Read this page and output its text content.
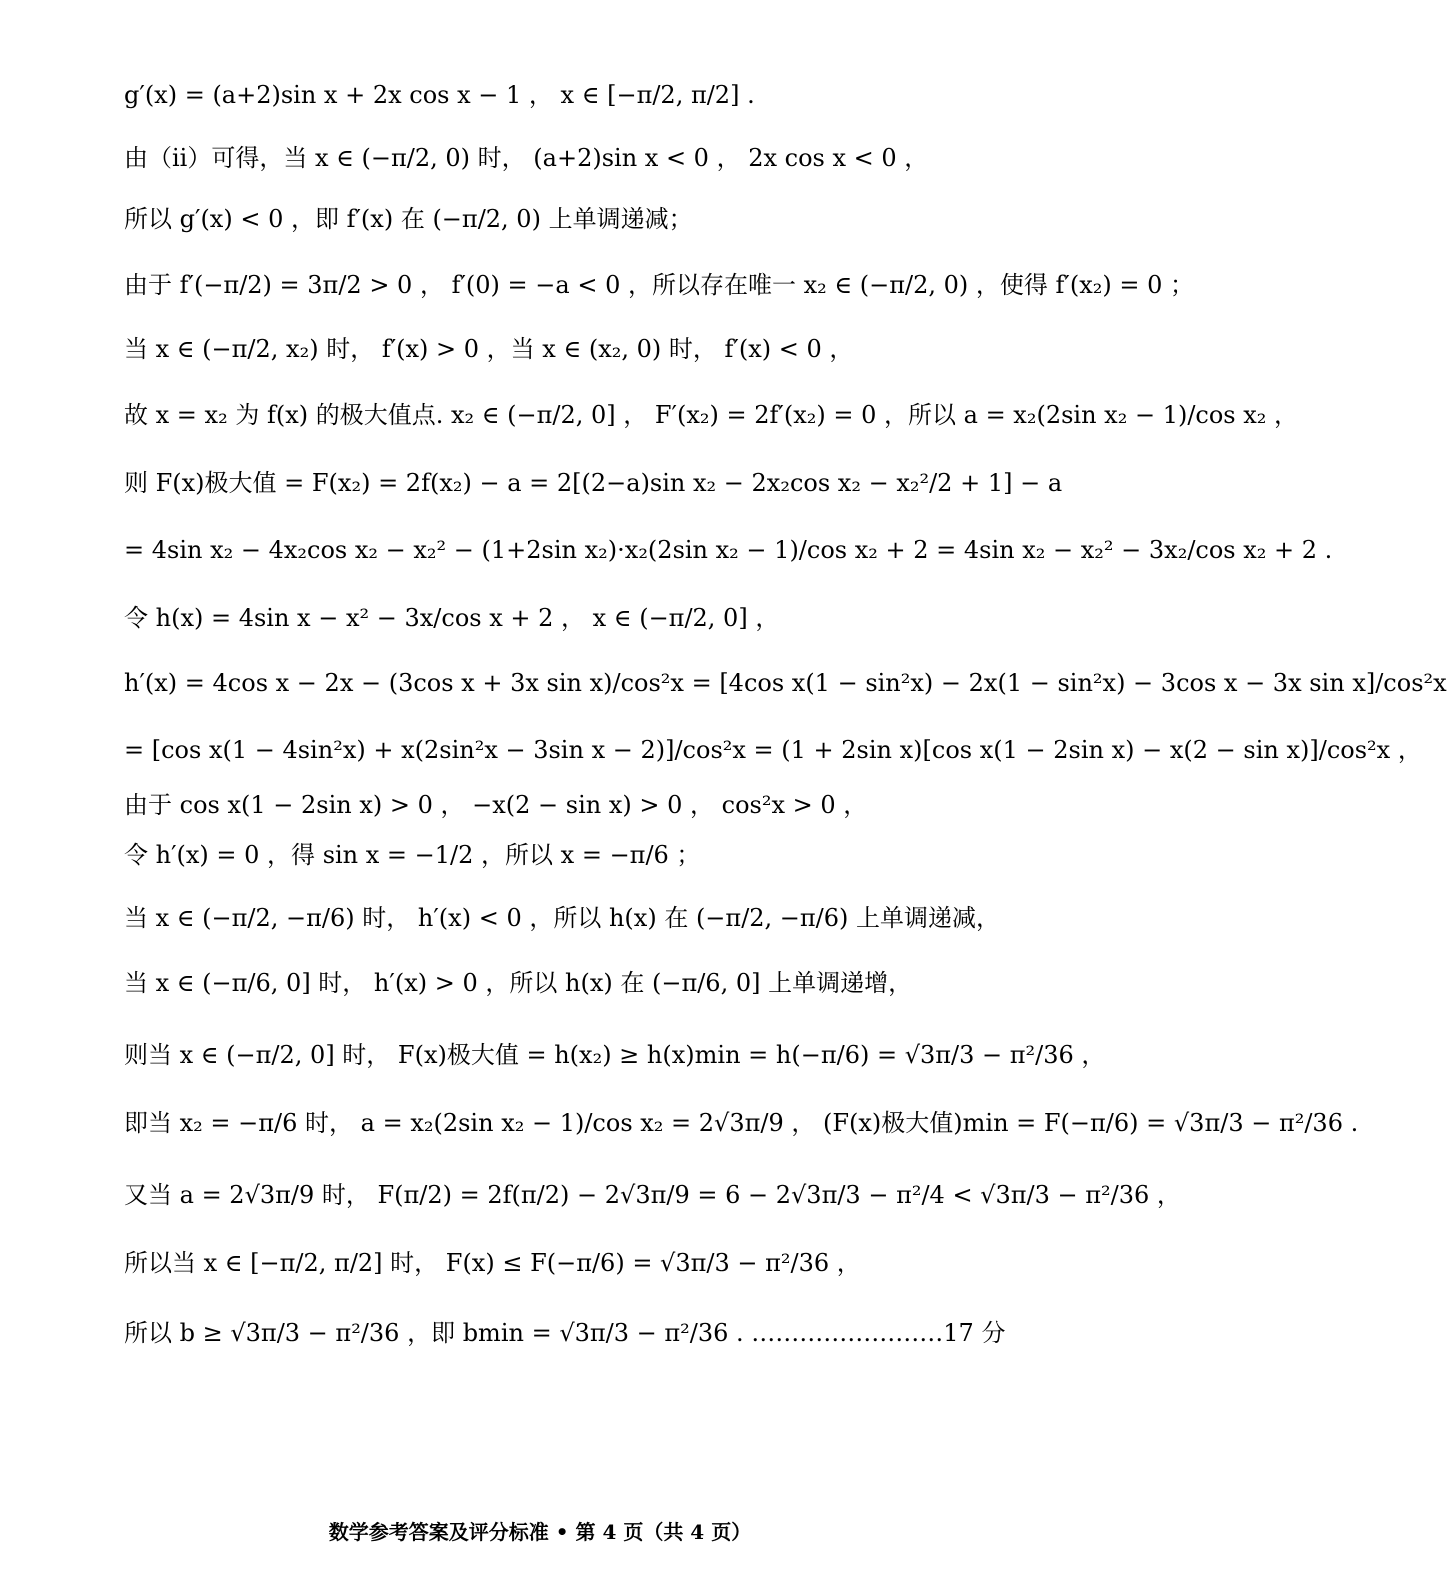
g′(x) = (a+2)sin x + 2x cos x − 1 ， x ∈ [−π/2, π/2] .
由（ii）可得，当 x ∈ (−π/2, 0) 时， (a+2)sin x < 0 ， 2x cos x < 0 ，
所以 g′(x) < 0 ，即 f′(x) 在 (−π/2, 0) 上单调递减；
由于 f′(−π/2) = 3π/2 > 0 ， f′(0) = −a < 0 ，所以存在唯一 x₂ ∈ (−π/2, 0) ，使得 f′(x₂) = 0 ；
当 x ∈ (−π/2, x₂) 时， f′(x) > 0 ，当 x ∈ (x₂, 0) 时， f′(x) < 0 ，
故 x = x₂ 为 f(x) 的极大值点. x₂ ∈ (−π/2, 0] ， F′(x₂) = 2f′(x₂) = 0 ，所以 a = x₂(2sin x₂ − 1)/cos x₂ ，
则 F(x)极大值 = F(x₂) = 2f(x₂) − a = 2[(2−a)sin x₂ − 2x₂cos x₂ − x₂²/2 + 1] − a
= 4sin x₂ − 4x₂cos x₂ − x₂² − (1+2sin x₂)·x₂(2sin x₂ − 1)/cos x₂ + 2 = 4sin x₂ − x₂² − 3x₂/cos x₂ + 2 .
令 h(x) = 4sin x − x² − 3x/cos x + 2 ， x ∈ (−π/2, 0] ，
h′(x) = 4cos x − 2x − (3cos x + 3x sin x)/cos²x = [4cos x(1 − sin²x) − 2x(1 − sin²x) − 3cos x − 3x sin x]/cos²x
= [cos x(1 − 4sin²x) + x(2sin²x − 3sin x − 2)]/cos²x = (1 + 2sin x)[cos x(1 − 2sin x) − x(2 − sin x)]/cos²x ，
由于 cos x(1 − 2sin x) > 0 ， −x(2 − sin x) > 0 ， cos²x > 0 ，
令 h′(x) = 0 ，得 sin x = −1/2 ，所以 x = −π/6 ；
当 x ∈ (−π/2, −π/6) 时， h′(x) < 0 ，所以 h(x) 在 (−π/2, −π/6) 上单调递减，
当 x ∈ (−π/6, 0] 时， h′(x) > 0 ，所以 h(x) 在 (−π/6, 0] 上单调递增，
则当 x ∈ (−π/2, 0] 时， F(x)极大值 = h(x₂) ≥ h(x)min = h(−π/6) = √3π/3 − π²/36 ，
即当 x₂ = −π/6 时， a = x₂(2sin x₂ − 1)/cos x₂ = 2√3π/9 ， (F(x)极大值)min = F(−π/6) = √3π/3 − π²/36 .
又当 a = 2√3π/9 时， F(π/2) = 2f(π/2) − 2√3π/9 = 6 − 2√3π/3 − π²/4 < √3π/3 − π²/36 ，
所以当 x ∈ [−π/2, π/2] 时， F(x) ≤ F(−π/6) = √3π/3 − π²/36 ，
所以 b ≥ √3π/3 − π²/36 ，即 bmin = √3π/3 − π²/36 . ……………………17 分
数学参考答案及评分标准 • 第 4 页（共 4 页）
